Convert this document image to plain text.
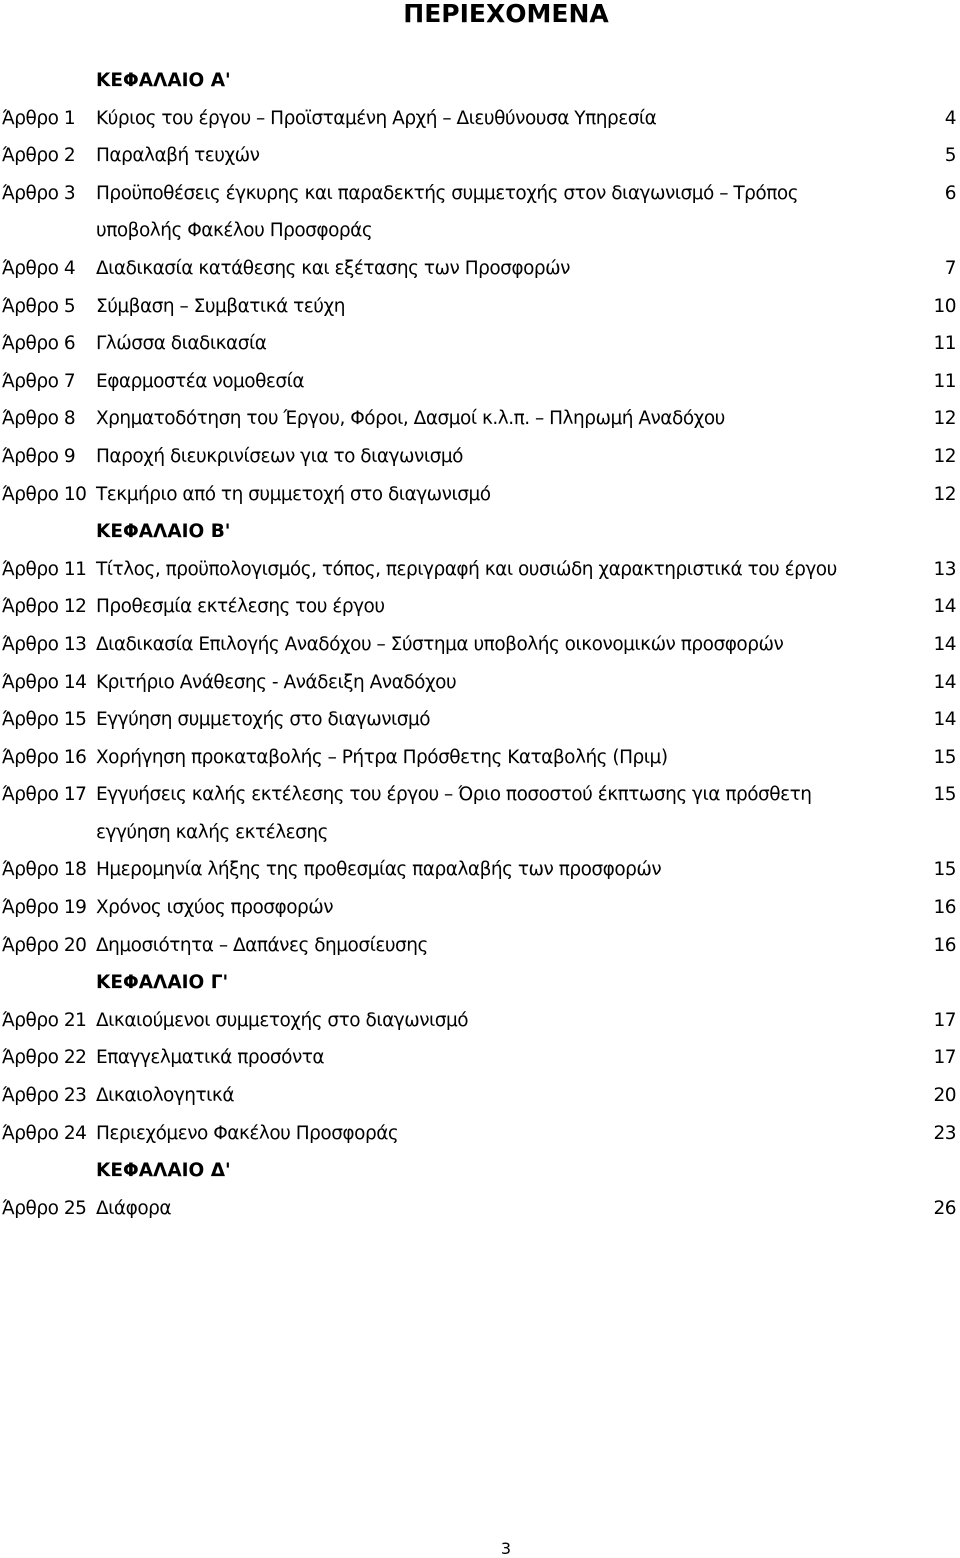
ΠΕΡΙΕΧΟΜΕΝΑ
ΚΕΦΑΛΑΙΟ Α'
Άρθρο 1 Κύριος του έργου – Προϊσταμένη Αρχή – Διευθύνουσα Υπηρεσία	4
Άρθρο 2 Παραλαβή τευχών	5
Άρθρο 3 Προϋποθέσεις έγκυρης και παραδεκτής συμμετοχής στον διαγωνισμό – Τρόπος	6
υποβολής Φακέλου Προσφοράς
Άρθρο 4 Διαδικασία κατάθεσης και εξέτασης των Προσφορών	7
Άρθρο 5 Σύμβαση – Συμβατικά τεύχη	10
Άρθρο 6 Γλώσσα διαδικασία	11
Άρθρο 7 Εφαρμοστέα νομοθεσία	11
Άρθρο 8 Χρηματοδότηση του Έργου, Φόροι, Δασμοί κ.λ.π. – Πληρωμή Αναδόχου	12
Άρθρο 9 Παροχή διευκρινίσεων για το διαγωνισμό	12
Άρθρο 10 Τεκμήριο από τη συμμετοχή στο διαγωνισμό	12
ΚΕΦΑΛΑΙΟ Β'
Άρθρο 11 Τίτλος, προϋπολογισμός, τόπος, περιγραφή και ουσιώδη χαρακτηριστικά του έργου	13
Άρθρο 12 Προθεσμία εκτέλεσης του έργου	14
Άρθρο 13 Διαδικασία Επιλογής Αναδόχου – Σύστημα υποβολής οικονομικών προσφορών	14
Άρθρο 14 Κριτήριο Ανάθεσης - Ανάδειξη Αναδόχου	14
Άρθρο 15 Εγγύηση συμμετοχής στο διαγωνισμό	14
Άρθρο 16 Χορήγηση προκαταβολής – Ρήτρα Πρόσθετης Καταβολής (Πριμ)	15
Άρθρο 17 Εγγυήσεις καλής εκτέλεσης του έργου – Όριο ποσοστού έκπτωσης για πρόσθετη	15
εγγύηση καλής εκτέλεσης
Άρθρο 18 Ημερομηνία λήξης της προθεσμίας παραλαβής των προσφορών	15
Άρθρο 19 Χρόνος ισχύος προσφορών	16
Άρθρο 20 Δημοσιότητα – Δαπάνες δημοσίευσης	16
ΚΕΦΑΛΑΙΟ Γ'
Άρθρο 21 Δικαιούμενοι συμμετοχής στο διαγωνισμό	17
Άρθρο 22 Επαγγελματικά προσόντα	17
Άρθρο 23 Δικαιολογητικά	20
Άρθρο 24 Περιεχόμενο Φακέλου Προσφοράς	23
ΚΕΦΑΛΑΙΟ Δ'
Άρθρο 25 Διάφορα	26
3
